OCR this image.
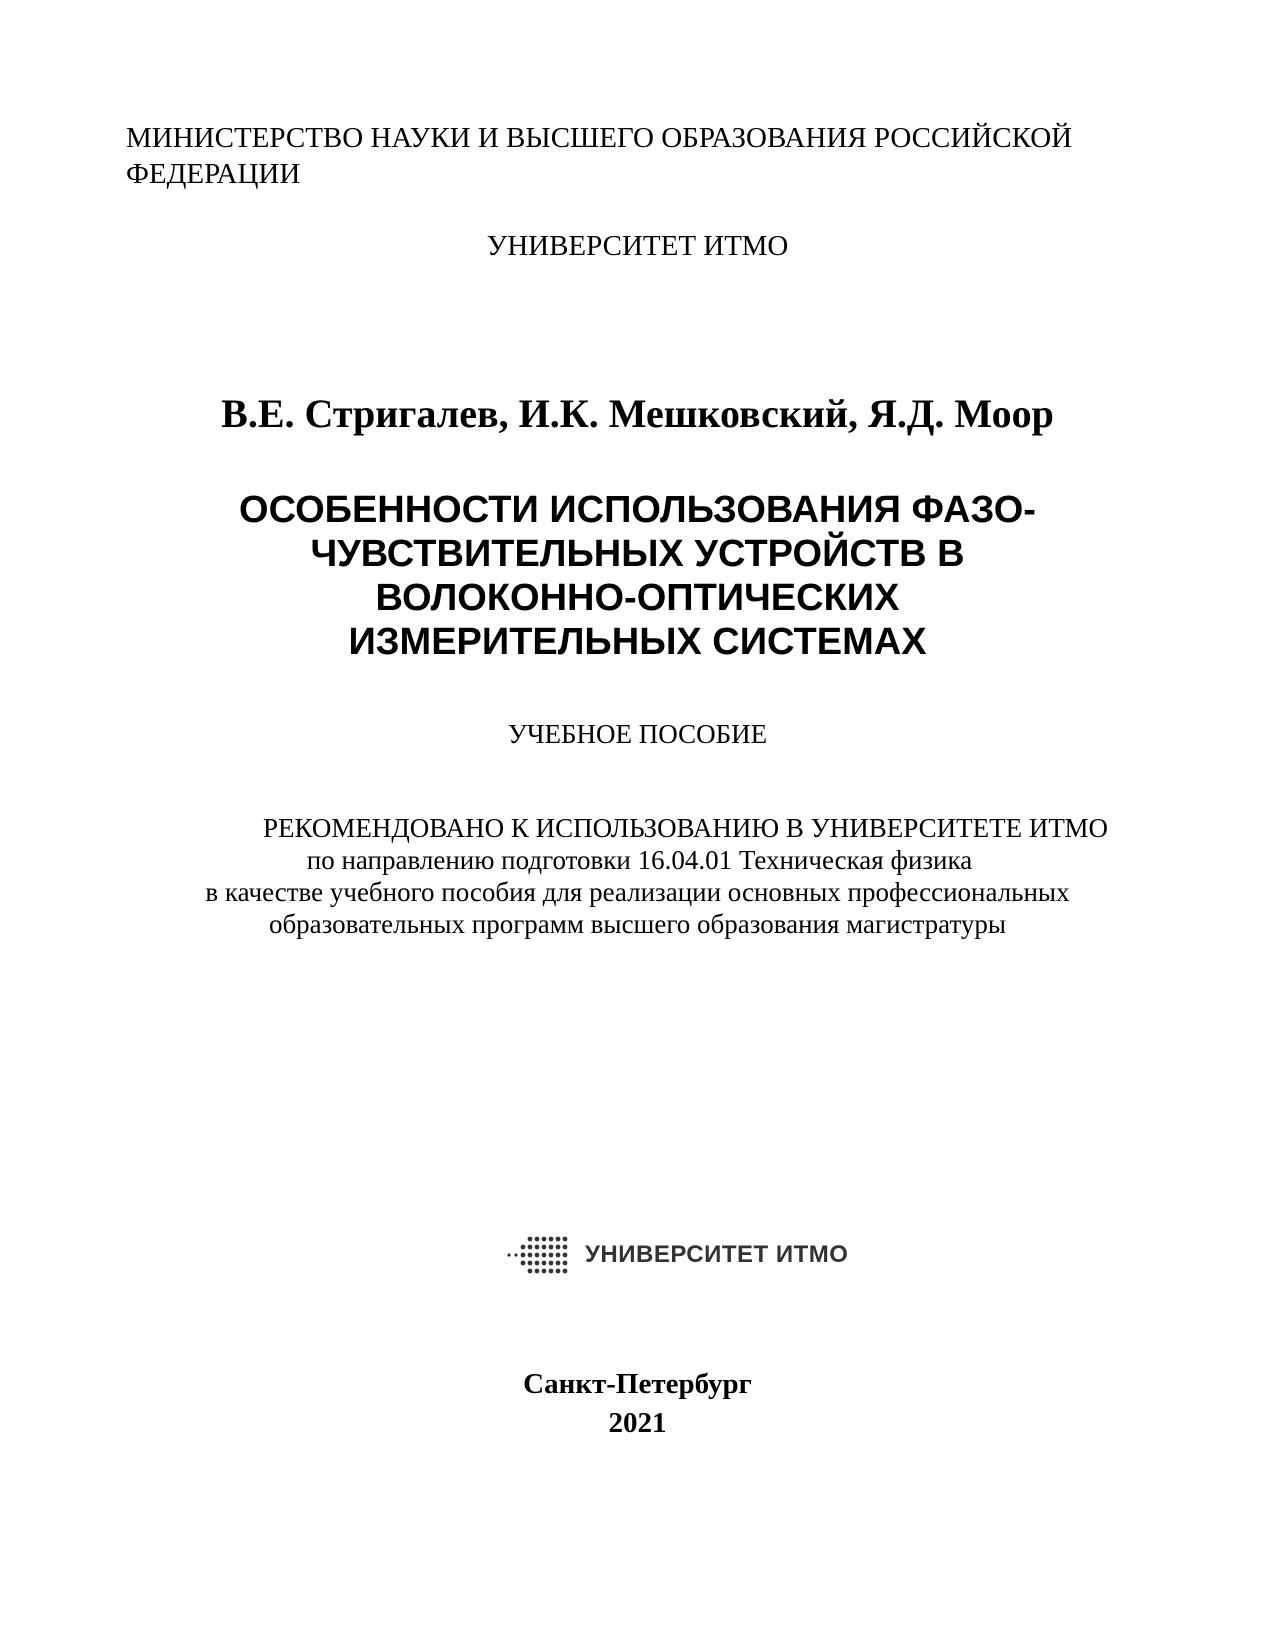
МИНИСТЕРСТВО НАУКИ И ВЫСШЕГО ОБРАЗОВАНИЯ РОССИЙСКОЙ
ФЕДЕРАЦИИ
УНИВЕРСИТЕТ ИТМО
В.Е. Стригалев, И.К. Мешковский, Я.Д. Моор
ОСОБЕННОСТИ ИСПОЛЬЗОВАНИЯ ФАЗО-
ЧУВСТВИТЕЛЬНЫХ УСТРОЙСТВ В
ВОЛОКОННО-ОПТИЧЕСКИХ
ИЗМЕРИТЕЛЬНЫХ СИСТЕМАХ
УЧЕБНОЕ ПОСОБИЕ
РЕКОМЕНДОВАНО К ИСПОЛЬЗОВАНИЮ В УНИВЕРСИТЕТЕ ИТМО
по направлению подготовки 16.04.01 Техническая физика
в качестве учебного пособия для реализации основных профессиональных
образовательных программ высшего образования магистратуры
УНИВЕРСИТЕТ ИТМО
Санкт-Петербург
2021
